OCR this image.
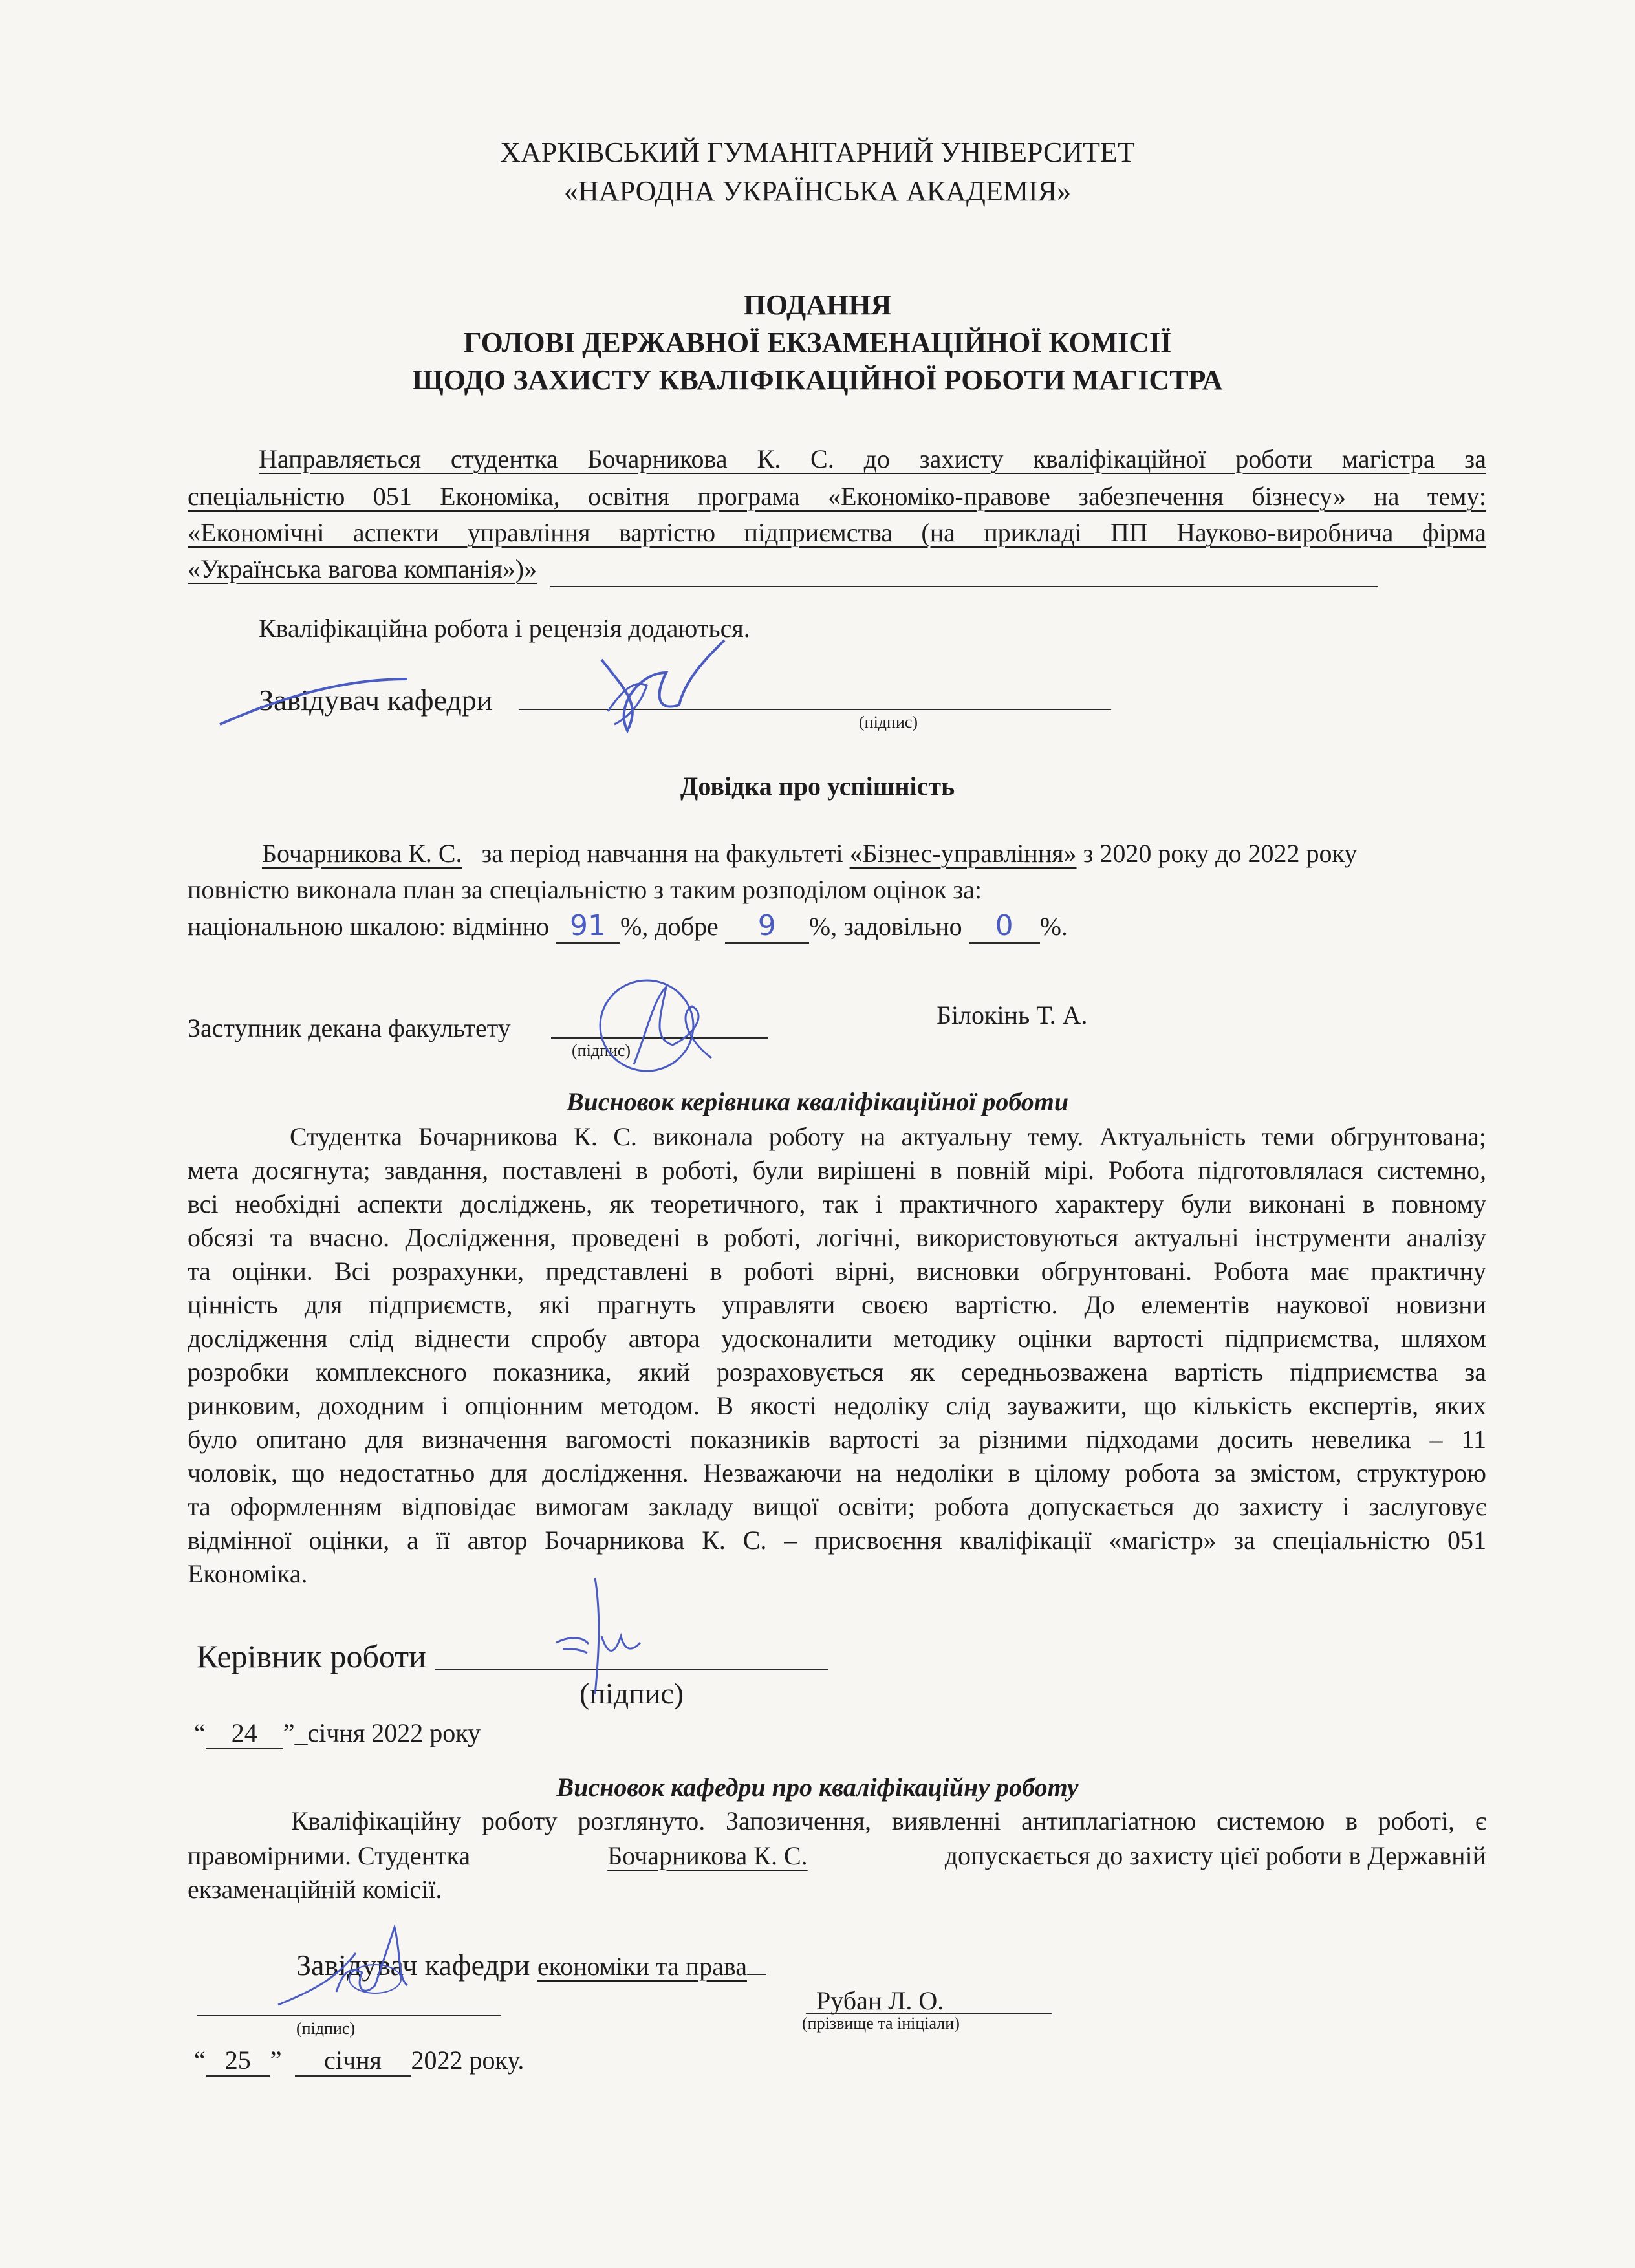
ХАРКІВСЬКИЙ ГУМАНІТАРНИЙ УНІВЕРСИТЕТ
«НАРОДНА УКРАЇНСЬКА АКАДЕМІЯ»
ПОДАННЯ
ГОЛОВІ ДЕРЖАВНОЇ ЕКЗАМЕНАЦІЙНОЇ КОМІСІЇ
ЩОДО ЗАХИСТУ КВАЛІФІКАЦІЙНОЇ РОБОТИ МАГІСТРА
Направляється студентка Бочарникова К. С. до захисту кваліфікаційної роботи магістра за
спеціальністю 051 Економіка, освітня програма «Економіко-правове забезпечення бізнесу» на тему:
«Економічні аспекти управління вартістю підприємства (на прикладі ПП Науково-виробнича фірма
«Українська вагова компанія»)»
Кваліфікаційна робота і рецензія додаються.
Завідувач кафедри
(підпис)
Довідка про успішність
Бочарникова К. С. за період навчання на факультеті «Бізнес-управління» з 2020 року до 2022 року
повністю виконала план за спеціальністю з таким розподілом оцінок за:
національною шкалою: відмінно 91 %, добре 9 %, задовільно 0 %.
Заступник декана факультету
(підпис)
Білокінь Т. А.
Висновок керівника кваліфікаційної роботи
Студентка Бочарникова К. С. виконала роботу на актуальну тему. Актуальність теми обгрунтована;
мета досягнута; завдання, поставлені в роботі, були вирішені в повній мірі. Робота підготовлялася системно,
всі необхідні аспекти досліджень, як теоретичного, так і практичного характеру були виконані в повному
обсязі та вчасно. Дослідження, проведені в роботі, логічні, використовуються актуальні інструменти аналізу
та оцінки. Всі розрахунки, представлені в роботі вірні, висновки обгрунтовані. Робота має практичну
цінність для підприємств, які прагнуть управляти своєю вартістю. До елементів наукової новизни
дослідження слід віднести спробу автора удосконалити методику оцінки вартості підприємства, шляхом
розробки комплексного показника, який розраховується як середньозважена вартість підприємства за
ринковим, доходним і опціонним методом. В якості недоліку слід зауважити, що кількість експертів, яких
було опитано для визначення вагомості показників вартості за різними підходами досить невелика – 11
чоловік, що недостатньо для дослідження. Незважаючи на недоліки в цілому робота за змістом, структурою
та оформленням відповідає вимогам закладу вищої освіти; робота допускається до захисту і заслуговує
відмінної оцінки, а її автор Бочарникова К. С. – присвоєння кваліфікації «магістр» за спеціальністю 051
Економіка.
Керівник роботи
(підпис)
“ 24 ”_січня 2022 року
Висновок кафедри про кваліфікаційну роботу
Кваліфікаційну роботу розглянуто. Запозичення, виявленні антиплагіатною системою в роботі, є
правомірними. Студентка	Бочарникова К. С.	допускається до захисту цієї роботи в Державній
екзаменаційній комісії.
Завідувач кафедри економіки та права
Рубан Л. О.
(підпис)	(прізвище та ініціали)
“ 25 ” січня 2022 року.
